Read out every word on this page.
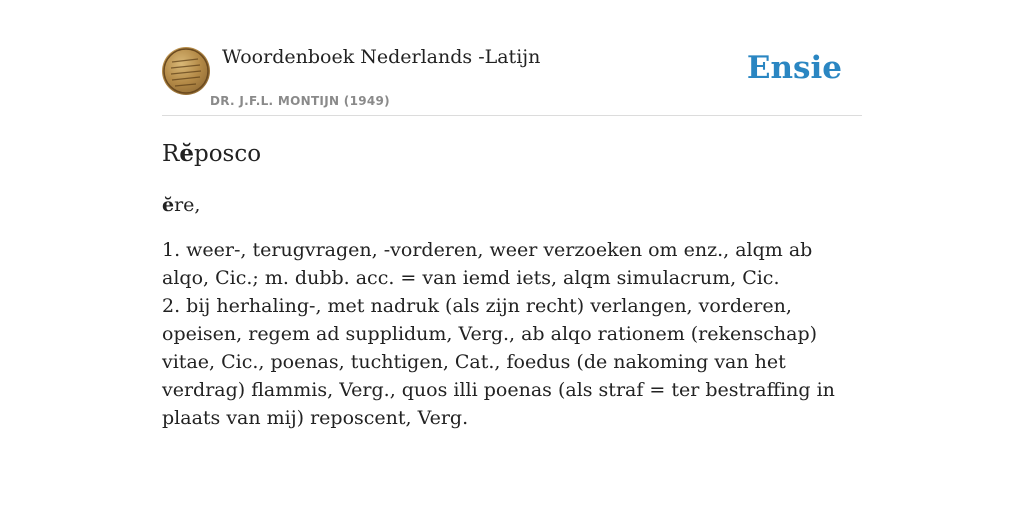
Woordenboek Nederlands -Latijn
DR. J.F.L. MONTIJN (1949)
Ensie
Rĕposco
ĕre,

1. weer-, terugvragen, -vorderen, weer verzoeken om enz., alqm ab alqo, Cic.; m. dubb. acc. = van iemd iets, alqm simulacrum, Cic.

2. bij herhaling-, met nadruk (als zijn recht) verlangen, vorderen, opeisen, regem ad supplidum, Verg., ab alqo rationem (rekenschap) vitae, Cic., poenas, tuchtigen, Cat., foedus (de nakoming van het verdrag) flammis, Verg., quos illi poenas (als straf = ter bestraffing in plaats van mij) reposcent, Verg.
